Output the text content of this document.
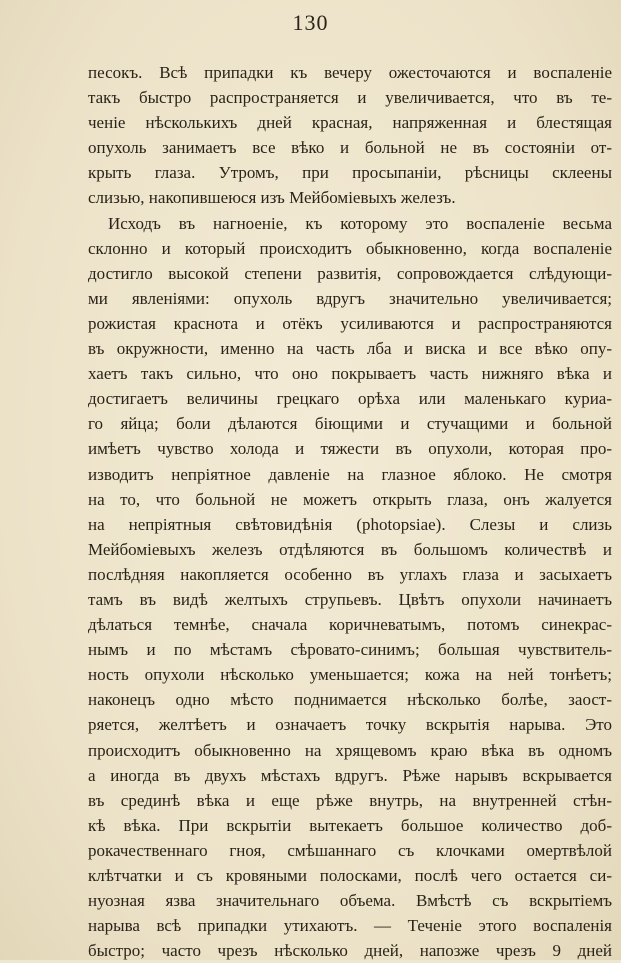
130
песокъ. Всѣ припадки къ вечеру ожесточаются и воспаленіе
такъ быстро распространяется и увеличивается, что въ те-
ченіе нѣсколькихъ дней красная, напряженная и блестящая
опухоль занимаетъ все вѣко и больной не въ состояніи от-
крыть глаза. Утромъ, при просыпаніи, рѣсницы склеены
слизью, накопившеюся изъ Мейбоміевыхъ железъ.
Исходъ въ нагноеніе, къ которому это воспаленіе весьма
склонно и который происходитъ обыкновенно, когда воспаленіе
достигло высокой степени развитія, сопровождается слѣдующи-
ми явленіями: опухоль вдругъ значительно увеличивается;
рожистая краснота и отёкъ усиливаются и распространяются
въ окружности, именно на часть лба и виска и все вѣко опу-
хаетъ такъ сильно, что оно покрываетъ часть нижняго вѣка и
достигаетъ величины грецкаго орѣха или маленькаго куриа-
го яйца; боли дѣлаются біющими и стучащими и больной
имѣетъ чувство холода и тяжести въ опухоли, которая про-
изводитъ непріятное давленіе на глазное яблоко. Не смотря
на то, что больной не можетъ открыть глаза, онъ жалуется
на непріятныя свѣтовидѣнія (photopsiae). Слезы и слизь
Мейбоміевыхъ железъ отдѣляются въ большомъ количествѣ и
послѣдняя накопляется особенно въ углахъ глаза и засыхаетъ
тамъ въ видѣ желтыхъ струпьевъ. Цвѣтъ опухоли начинаетъ
дѣлаться темнѣе, сначала коричневатымъ, потомъ синекрас-
нымъ и по мѣстамъ сѣровато-синимъ; большая чувствитель-
ность опухоли нѣсколько уменьшается; кожа на ней тонѣетъ;
наконецъ одно мѣсто поднимается нѣсколько болѣе, заост-
ряется, желтѣетъ и означаетъ точку вскрытія нарыва. Это
происходитъ обыкновенно на хрящевомъ краю вѣка въ одномъ
а иногда въ двухъ мѣстахъ вдругъ. Рѣже нарывъ вскрывается
въ срединѣ вѣка и еще рѣже внутрь, на внутренней стѣн-
кѣ вѣка. При вскрытіи вытекаетъ большое количество доб-
рокачественнаго гноя, смѣшаннаго съ клочками омертвѣлой
клѣтчатки и съ кровяными полосками, послѣ чего остается си-
нуозная язва значительнаго объема. Вмѣстѣ съ вскрытіемъ
нарыва всѣ припадки утихаютъ. — Теченіе этого воспаленія
быстро; часто чрезъ нѣсколько дней, напозже чрезъ 9 дней
